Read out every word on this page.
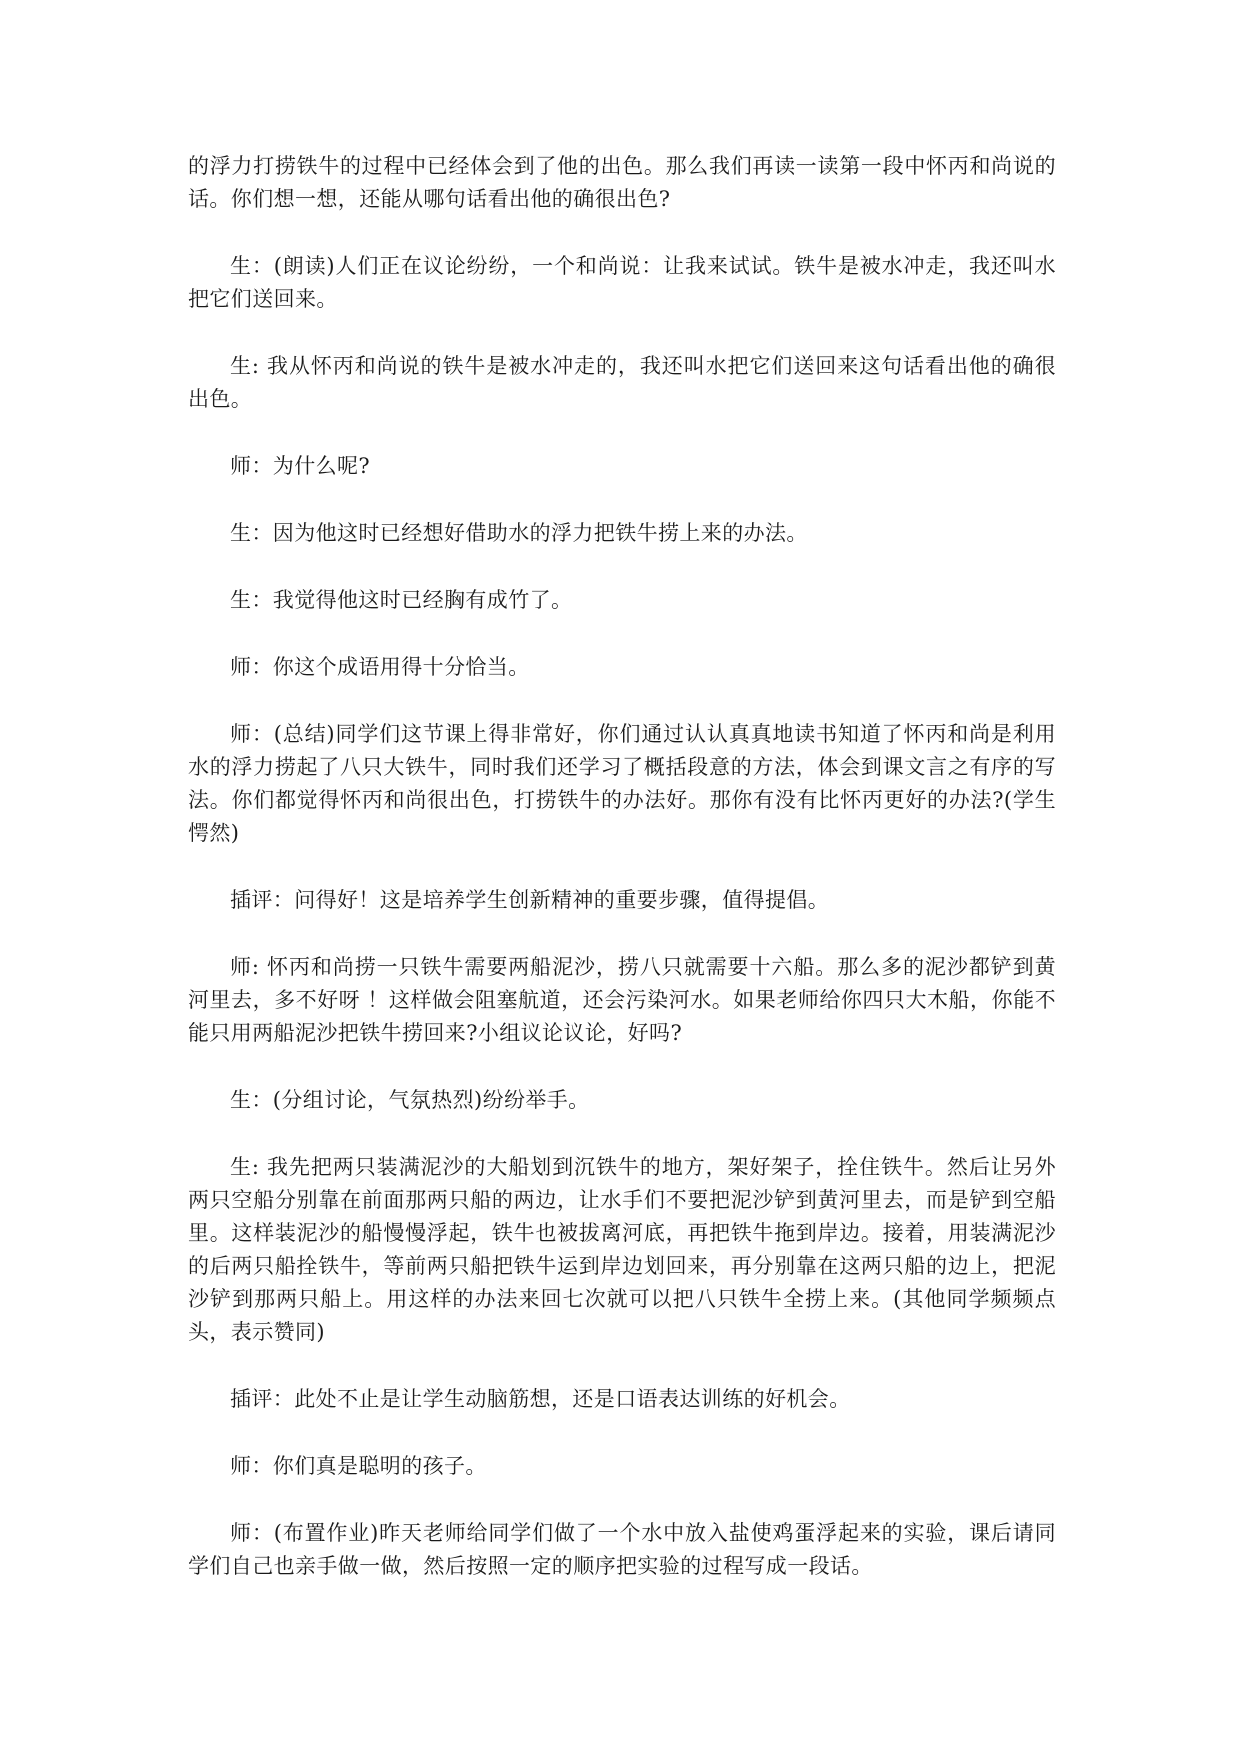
的浮力打捞铁牛的过程中已经体会到了他的出色。那么我们再读一读第一段中怀丙和尚说的话。你们想一想，还能从哪句话看出他的确很出色?

生：(朗读)人们正在议论纷纷，一个和尚说：让我来试试。铁牛是被水冲走，我还叫水把它们送回来。

生: 我从怀丙和尚说的铁牛是被水冲走的，我还叫水把它们送回来这句话看出他的确很出色。

师：为什么呢?

生：因为他这时已经想好借助水的浮力把铁牛捞上来的办法。

生：我觉得他这时已经胸有成竹了。

师：你这个成语用得十分恰当。

师：(总结)同学们这节课上得非常好，你们通过认认真真地读书知道了怀丙和尚是利用水的浮力捞起了八只大铁牛，同时我们还学习了概括段意的方法，体会到课文言之有序的写法。你们都觉得怀丙和尚很出色，打捞铁牛的办法好。那你有没有比怀丙更好的办法?(学生愕然)

插评：问得好！这是培养学生创新精神的重要步骤，值得提倡。

师: 怀丙和尚捞一只铁牛需要两船泥沙，捞八只就需要十六船。那么多的泥沙都铲到黄河里去，多不好呀 ！这样做会阻塞航道，还会污染河水。如果老师给你四只大木船，你能不能只用两船泥沙把铁牛捞回来?小组议论议论，好吗?

生：(分组讨论，气氛热烈)纷纷举手。

生: 我先把两只装满泥沙的大船划到沉铁牛的地方，架好架子，拴住铁牛。然后让另外两只空船分别靠在前面那两只船的两边，让水手们不要把泥沙铲到黄河里去，而是铲到空船里。这样装泥沙的船慢慢浮起，铁牛也被拔离河底，再把铁牛拖到岸边。接着，用装满泥沙的后两只船拴铁牛，等前两只船把铁牛运到岸边划回来，再分别靠在这两只船的边上，把泥沙铲到那两只船上。用这样的办法来回七次就可以把八只铁牛全捞上来。(其他同学频频点头，表示赞同)

插评：此处不止是让学生动脑筋想，还是口语表达训练的好机会。

师：你们真是聪明的孩子。

师：(布置作业)昨天老师给同学们做了一个水中放入盐使鸡蛋浮起来的实验，课后请同学们自己也亲手做一做，然后按照一定的顺序把实验的过程写成一段话。
